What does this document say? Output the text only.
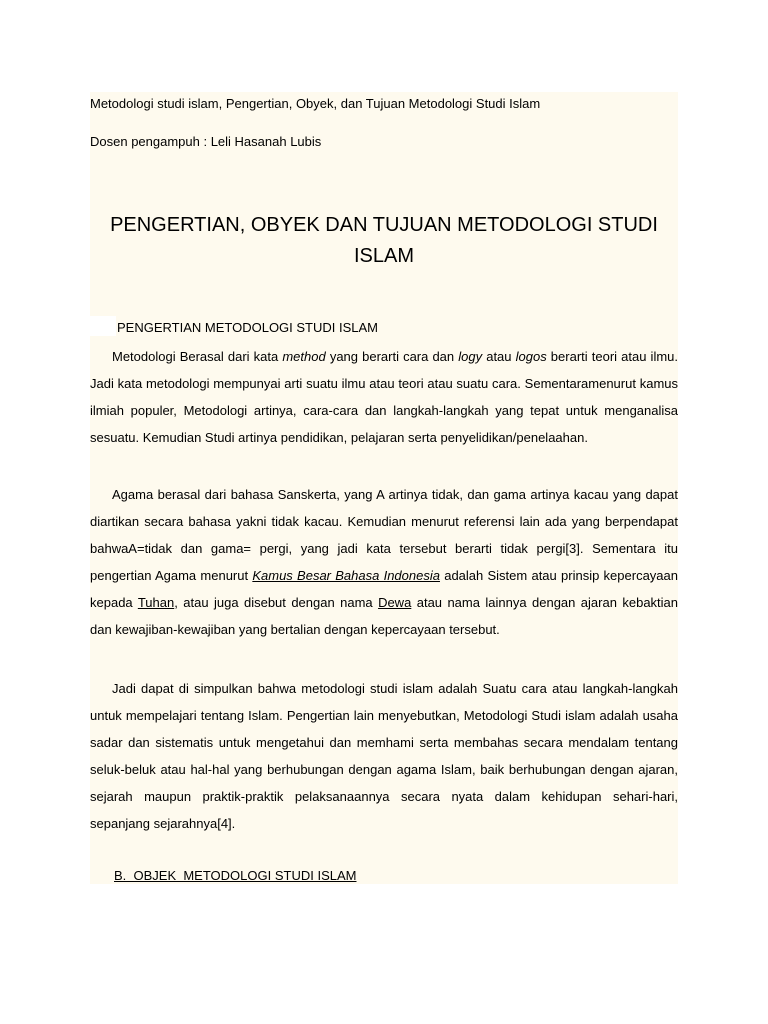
Metodologi studi islam, Pengertian, Obyek, dan Tujuan Metodologi Studi Islam
Dosen pengampuh : Leli Hasanah Lubis
PENGERTIAN, OBYEK DAN TUJUAN METODOLOGI STUDI
ISLAM
PENGERTIAN METODOLOGI STUDI ISLAM

Metodologi Berasal dari kata method yang berarti cara dan logy atau logos berarti teori atau ilmu. Jadi kata metodologi mempunyai arti suatu ilmu atau teori atau suatu cara. Sementaramenurut kamus ilmiah populer, Metodologi artinya, cara-cara dan langkah-langkah yang tepat untuk menganalisa sesuatu. Kemudian Studi artinya pendidikan, pelajaran serta penyelidikan/penelaahan.

Agama berasal dari bahasa Sanskerta, yang A artinya tidak, dan gama artinya kacau yang dapat diartikan secara bahasa yakni tidak kacau. Kemudian menurut referensi lain ada yang berpendapat bahwaA=tidak dan gama= pergi, yang jadi kata tersebut berarti tidak pergi[3]. Sementara itu pengertian Agama menurut Kamus Besar Bahasa Indonesia adalah Sistem atau prinsip kepercayaan kepada Tuhan, atau juga disebut dengan nama Dewa atau nama lainnya dengan ajaran kebaktian dan kewajiban-kewajiban yang bertalian dengan kepercayaan tersebut.

Jadi dapat di simpulkan bahwa metodologi studi islam adalah Suatu cara atau langkah-langkah untuk mempelajari tentang Islam. Pengertian lain menyebutkan, Metodologi Studi islam adalah usaha sadar dan sistematis untuk mengetahui dan memhami serta membahas secara mendalam tentang seluk-beluk atau hal-hal yang berhubungan dengan agama Islam, baik berhubungan dengan ajaran, sejarah maupun praktik-praktik pelaksanaannya secara nyata dalam kehidupan sehari-hari, sepanjang sejarahnya[4].

B.  OBJEK  METODOLOGI STUDI ISLAM
